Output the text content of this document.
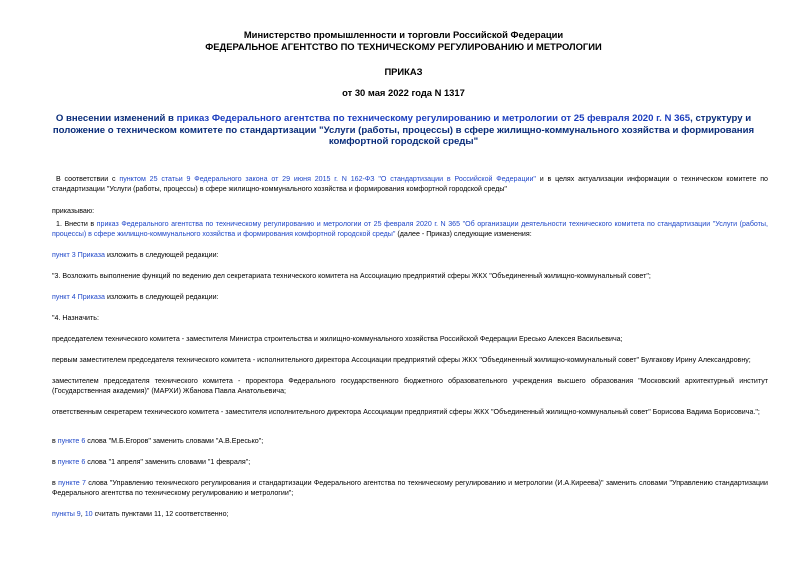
Министерство промышленности и торговли Российской Федерации
ФЕДЕРАЛЬНОЕ АГЕНТСТВО ПО ТЕХНИЧЕСКОМУ РЕГУЛИРОВАНИЮ И МЕТРОЛОГИИ
ПРИКАЗ
от 30 мая 2022 года N 1317
О внесении изменений в приказ Федерального агентства по техническому регулированию и метрологии от 25 февраля 2020 г. N 365, структуру и положение о техническом комитете по стандартизации "Услуги (работы, процессы) в сфере жилищно-коммунального хозяйства и формирования комфортной городской среды"
В соответствии с пунктом 25 статьи 9 Федерального закона от 29 июня 2015 г. N 162-ФЗ "О стандартизации в Российской Федерации" и в целях актуализации информации о техническом комитете по стандартизации "Услуги (работы, процессы) в сфере жилищно-коммунального хозяйства и формирования комфортной городской среды"
приказываю:
1. Внести в приказ Федерального агентства по техническому регулированию и метрологии от 25 февраля 2020 г. N 365 "Об организации деятельности технического комитета по стандартизации "Услуги (работы, процессы) в сфере жилищно-коммунального хозяйства и формирования комфортной городской среды" (далее - Приказ) следующие изменения:
пункт 3 Приказа изложить в следующей редакции:
"3. Возложить выполнение функций по ведению дел секретариата технического комитета на Ассоциацию предприятий сферы ЖКХ "Объединенный жилищно-коммунальный совет";
пункт 4 Приказа изложить в следующей редакции:
"4. Назначить:
председателем технического комитета - заместителя Министра строительства и жилищно-коммунального хозяйства Российской Федерации Ересько Алексея Васильевича;
первым заместителем председателя технического комитета - исполнительного директора Ассоциации предприятий сферы ЖКХ "Объединенный жилищно-коммунальный совет" Булгакову Ирину Александровну;
заместителем председателя технического комитета - проректора Федерального государственного бюджетного образовательного учреждения высшего образования "Московский архитектурный институт (Государственная академия)" (МАРХИ) Жбанова Павла Анатольевича;
ответственным секретарем технического комитета - заместителя исполнительного директора Ассоциации предприятий сферы ЖКХ "Объединенный жилищно-коммунальный совет" Борисова Вадима Борисовича.";
в пункте 6 слова "М.Б.Егоров" заменить словами "А.В.Ересько";
в пункте 6 слова "1 апреля" заменить словами "1 февраля";
в пункте 7 слова "Управлению технического регулирования и стандартизации Федерального агентства по техническому регулированию и метрологии (И.А.Киреева)" заменить словами "Управлению стандартизации Федерального агентства по техническому регулированию и метрологии";
пункты 9, 10 считать пунктами 11, 12 соответственно;
